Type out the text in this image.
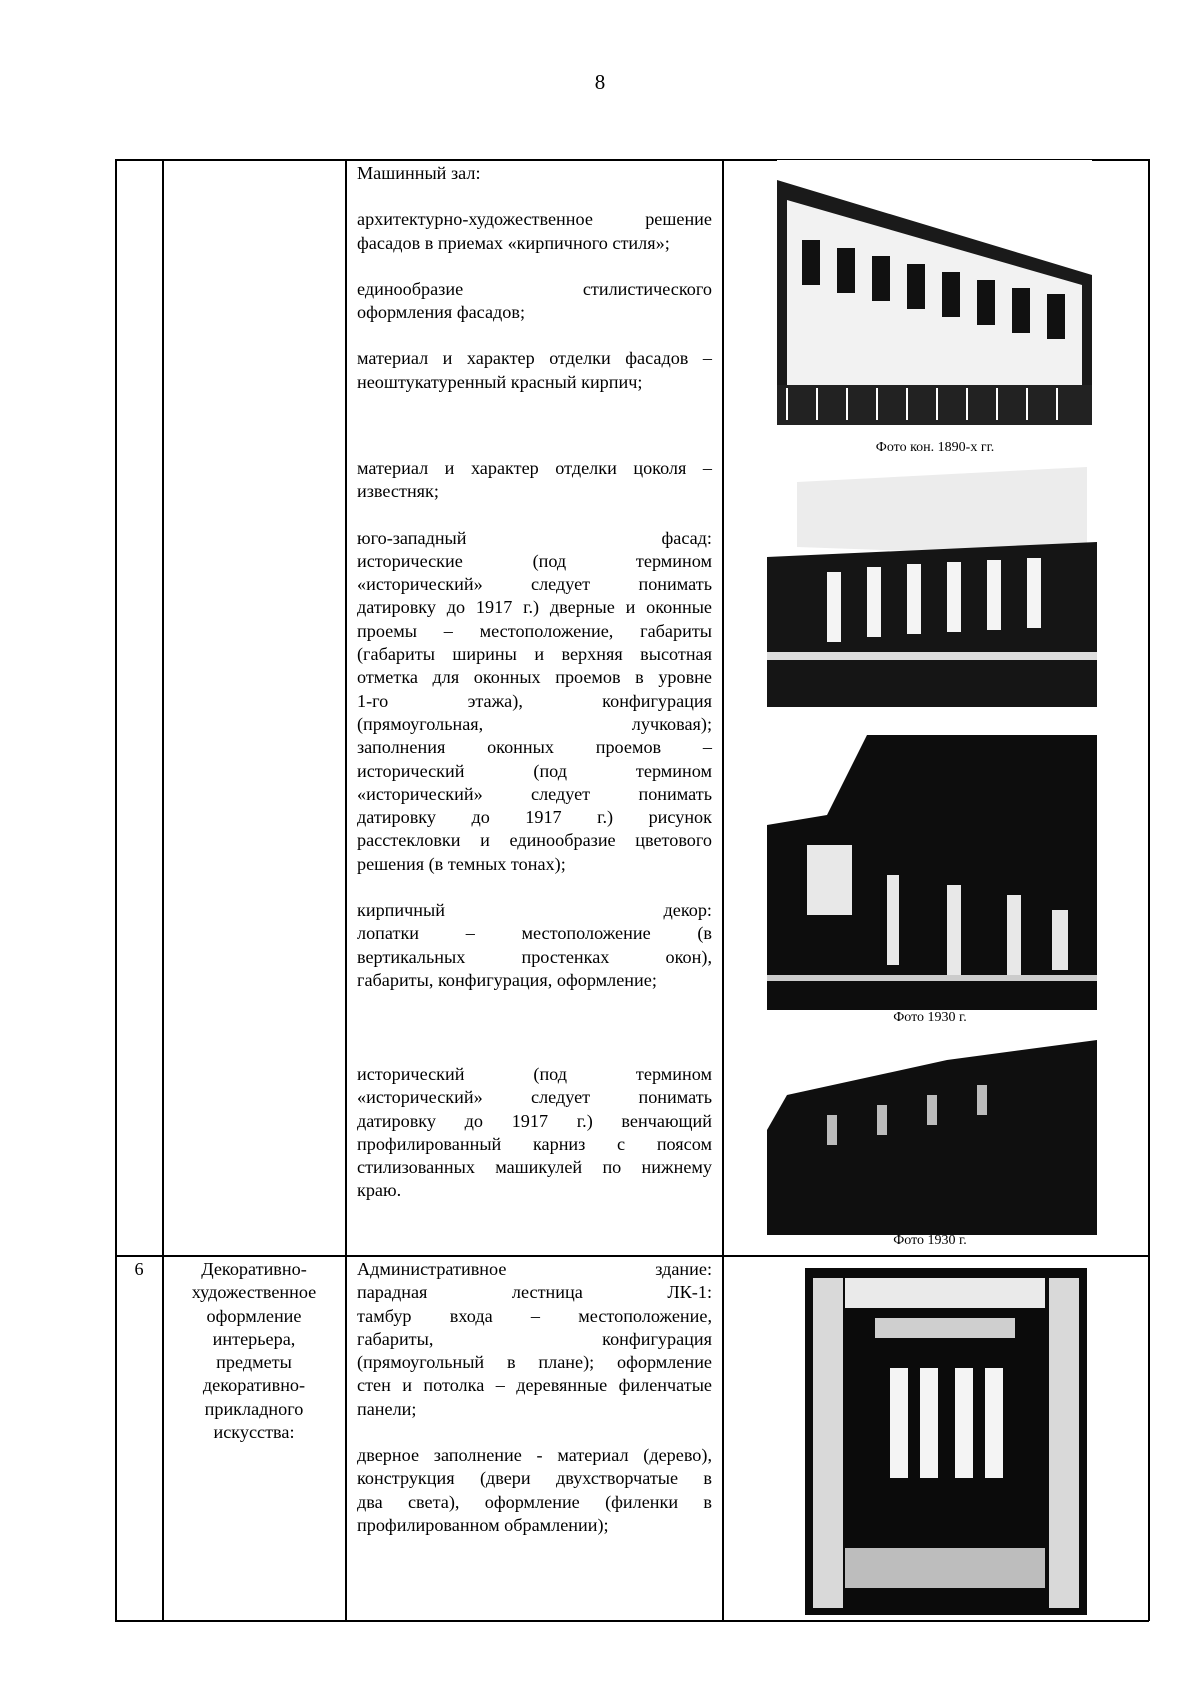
8
Машинный зал:
архитектурно-художественное решение
фасадов в приемах «кирпичного стиля»;
единообразие стилистического
оформления фасадов;
материал и характер отделки фасадов –
неоштукатуренный красный кирпич;
материал и характер отделки цоколя –
известняк;
юго-западный фасад:
исторические (под термином
«исторический» следует понимать
датировку до 1917 г.) дверные и оконные
проемы – местоположение, габариты
(габариты ширины и верхняя высотная
отметка для оконных проемов в уровне
1-го этажа), конфигурация
(прямоугольная, лучковая);
заполнения оконных проемов –
исторический (под термином
«исторический» следует понимать
датировку до 1917 г.) рисунок
расстекловки и единообразие цветового
решения (в темных тонах);
кирпичный декор:
лопатки – местоположение (в
вертикальных простенках окон),
габариты, конфигурация, оформление;
исторический (под термином
«исторический» следует понимать
датировку до 1917 г.) венчающий
профилированный карниз с поясом
стилизованных машикулей по нижнему
краю.
Фото кон. 1890-х гг.
Фото 1930 г.
Фото 1930 г.
6	Декоративно-
художественное
оформление
интерьера,
предметы
декоративно-
прикладного
искусства:
Административное здание:
парадная лестница ЛК-1:
тамбур входа – местоположение,
габариты, конфигурация
(прямоугольный в плане); оформление
стен и потолка – деревянные филенчатые
панели;
дверное заполнение - материал (дерево),
конструкция (двери двухстворчатые в
два света), оформление (филенки в
профилированном обрамлении);
